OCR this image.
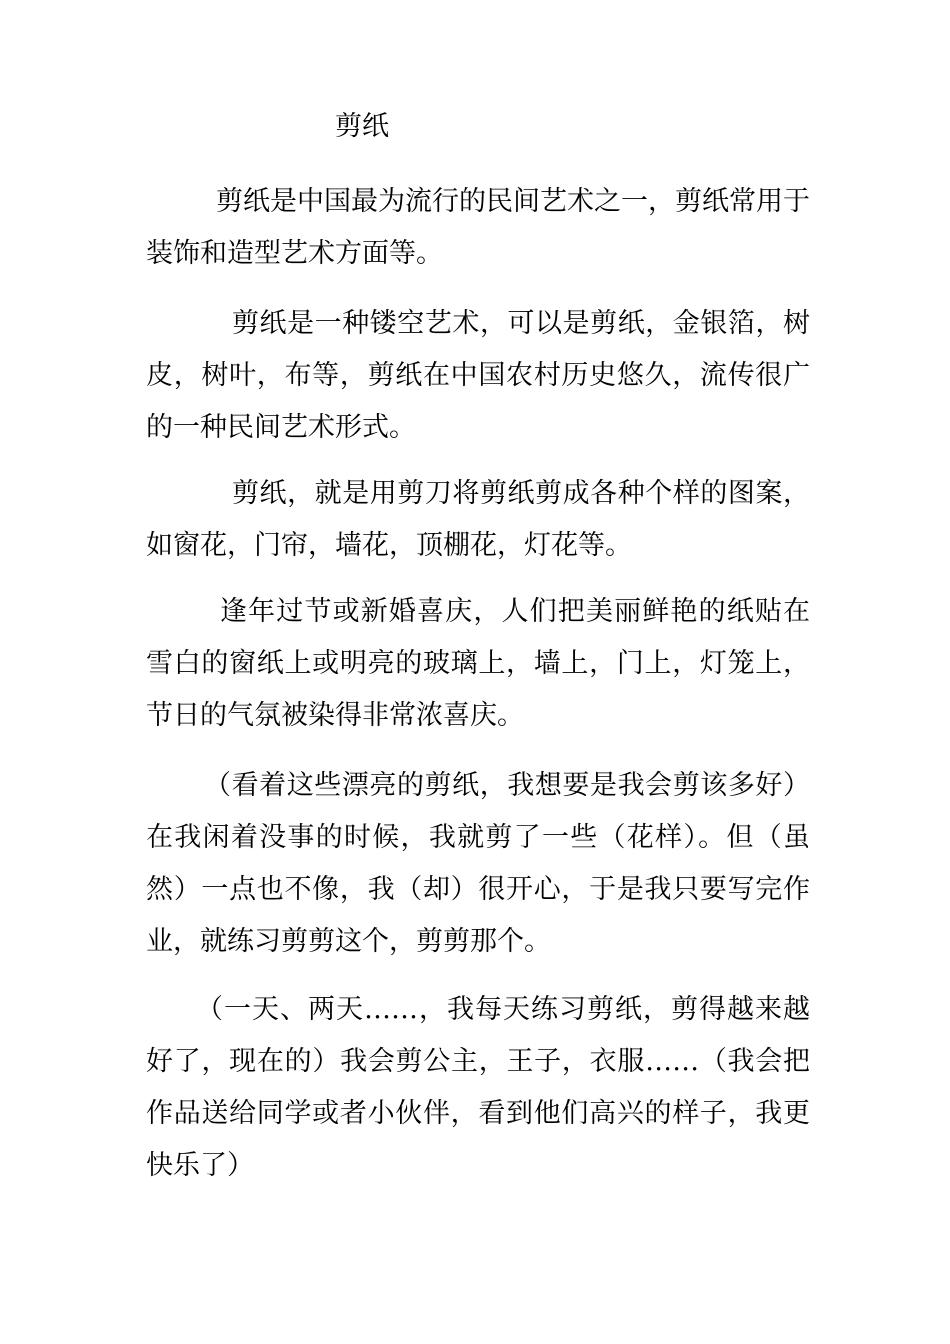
剪纸

剪纸是中国最为流行的民间艺术之一，剪纸常用于装饰和造型艺术方面等。

剪纸是一种镂空艺术，可以是剪纸，金银箔，树皮，树叶，布等，剪纸在中国农村历史悠久，流传很广的一种民间艺术形式。

剪纸，就是用剪刀将剪纸剪成各种个样的图案，如窗花，门帘，墙花，顶棚花，灯花等。

逢年过节或新婚喜庆，人们把美丽鲜艳的纸贴在雪白的窗纸上或明亮的玻璃上，墙上，门上，灯笼上，节日的气氛被染得非常浓喜庆。

（看着这些漂亮的剪纸，我想要是我会剪该多好）在我闲着没事的时候，我就剪了一些（花样）。但（虽然）一点也不像，我（却）很开心，于是我只要写完作业，就练习剪剪这个，剪剪那个。

（一天、两天……，我每天练习剪纸，剪得越来越好了，现在的）我会剪公主，王子，衣服……（我会把作品送给同学或者小伙伴，看到他们高兴的样子，我更快乐了）
